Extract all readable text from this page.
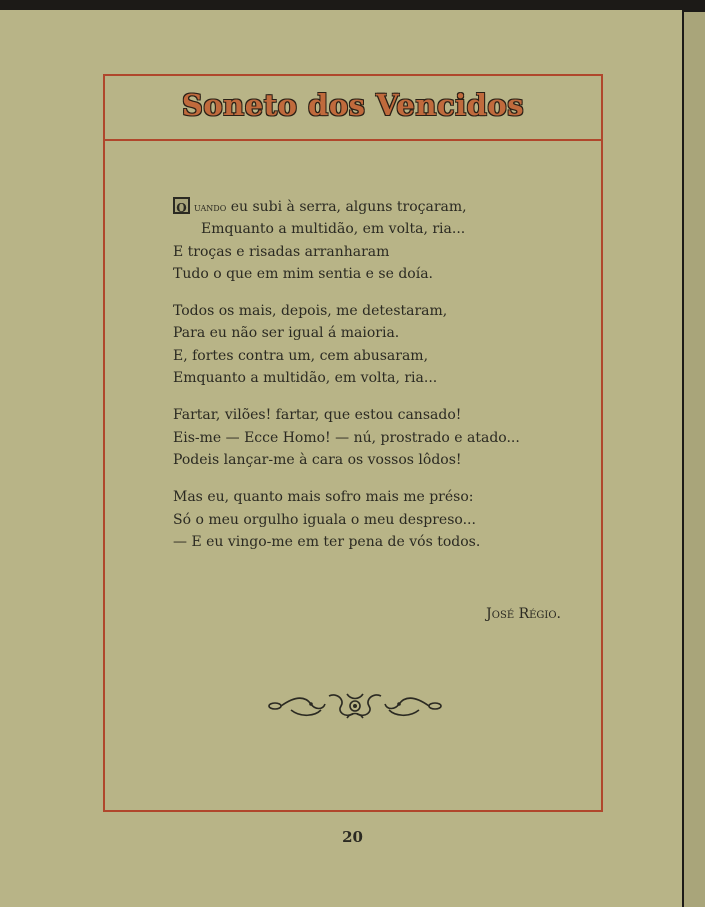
Soneto dos Vencidos
Q uando eu subi à serra, alguns troçaram,
Emquanto a multidão, em volta, ria...
E troças e risadas arranharam
Tudo o que em mim sentia e se doía.
Todos os mais, depois, me detestaram,
Para eu não ser igual á maioria.
E, fortes contra um, cem abusaram,
Emquanto a multidão, em volta, ria...
Fartar, vilões! fartar, que estou cansado!
Eis-me — Ecce Homo! — nú, prostrado e atado...
Podeis lançar-me à cara os vossos lôdos!
Mas eu, quanto mais sofro mais me préso:
Só o meu orgulho iguala o meu despreso...
— E eu vingo-me em ter pena de vós todos.
José Régio.
20
